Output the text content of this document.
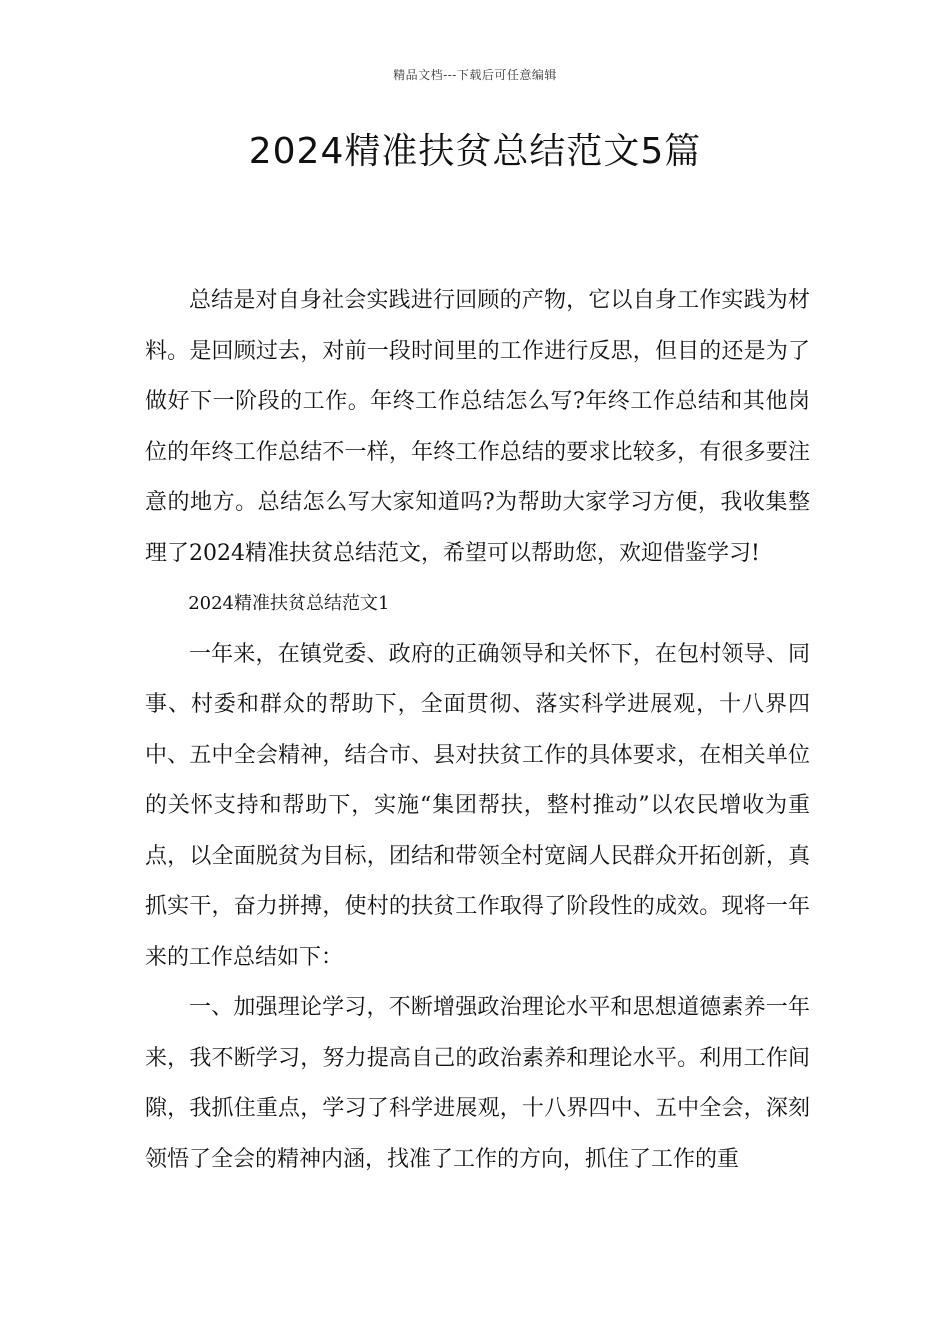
精品文档---下载后可任意编辑
2024精准扶贫总结范文5篇

总结是对自身社会实践进行回顾的产物，它以自身工作实践为材料。是回顾过去，对前一段时间里的工作进行反思，但目的还是为了做好下一阶段的工作。年终工作总结怎么写?年终工作总结和其他岗位的年终工作总结不一样，年终工作总结的要求比较多，有很多要注意的地方。总结怎么写大家知道吗?为帮助大家学习方便，我收集整理了2024精准扶贫总结范文，希望可以帮助您，欢迎借鉴学习!

2024精准扶贫总结范文1

一年来，在镇党委、政府的正确领导和关怀下，在包村领导、同事、村委和群众的帮助下，全面贯彻、落实科学进展观，十八界四中、五中全会精神，结合市、县对扶贫工作的具体要求，在相关单位的关怀支持和帮助下，实施“集团帮扶，整村推动”以农民增收为重点，以全面脱贫为目标，团结和带领全村宽阔人民群众开拓创新，真抓实干，奋力拼搏，使村的扶贫工作取得了阶段性的成效。现将一年来的工作总结如下：

一、加强理论学习，不断增强政治理论水平和思想道德素养一年来，我不断学习，努力提高自己的政治素养和理论水平。利用工作间隙，我抓住重点，学习了科学进展观，十八界四中、五中全会，深刻领悟了全会的精神内涵，找准了工作的方向，抓住了工作的重
